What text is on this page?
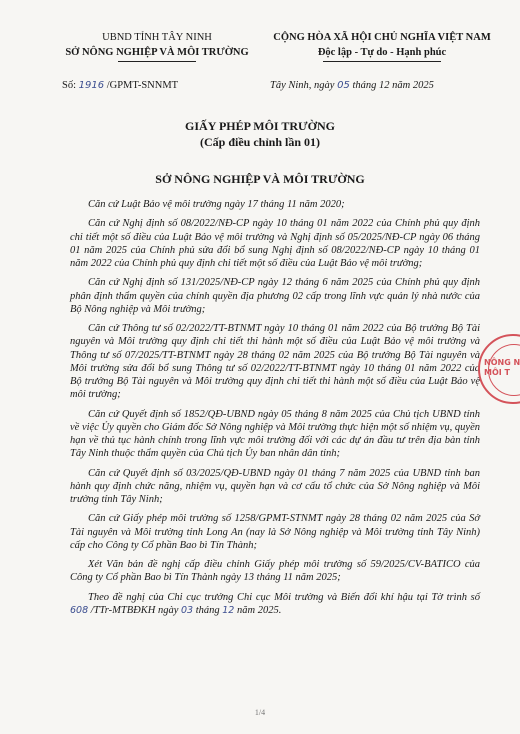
UBND TỈNH TÂY NINH
SỞ NÔNG NGHIỆP VÀ MÔI TRƯỜNG
CỘNG HÒA XÃ HỘI CHỦ NGHĨA VIỆT NAM
Độc lập - Tự do - Hạnh phúc
Số: 1916 /GPMT-SNNMT	Tây Ninh, ngày 05 tháng 12 năm 2025
GIẤY PHÉP MÔI TRƯỜNG
(Cấp điều chỉnh lần 01)
SỞ NÔNG NGHIỆP VÀ MÔI TRƯỜNG

Căn cứ Luật Bảo vệ môi trường ngày 17 tháng 11 năm 2020;

Căn cứ Nghị định số 08/2022/NĐ-CP ngày 10 tháng 01 năm 2022 của Chính phủ quy định chi tiết một số điều của Luật Bảo vệ môi trường và Nghị định số 05/2025/NĐ-CP ngày 06 tháng 01 năm 2025 của Chính phủ sửa đổi bổ sung Nghị định số 08/2022/NĐ-CP ngày 10 tháng 01 năm 2022 của Chính phủ quy định chi tiết một số điều của Luật Bảo vệ môi trường;

Căn cứ Nghị định số 131/2025/NĐ-CP ngày 12 tháng 6 năm 2025 của Chính phủ quy định phân định thẩm quyền của chính quyền địa phương 02 cấp trong lĩnh vực quản lý nhà nước của Bộ Nông nghiệp và Môi trường;

Căn cứ Thông tư số 02/2022/TT-BTNMT ngày 10 tháng 01 năm 2022 của Bộ trưởng Bộ Tài nguyên và Môi trường quy định chi tiết thi hành một số điều của Luật Bảo vệ môi trường và Thông tư số 07/2025/TT-BTNMT ngày 28 tháng 02 năm 2025 của Bộ trưởng Bộ Tài nguyên và Môi trường sửa đổi bổ sung Thông tư số 02/2022/TT-BTNMT ngày 10 tháng 01 năm 2022 của Bộ trưởng Bộ Tài nguyên và Môi trường quy định chi tiết thi hành một số điều của Luật Bảo vệ môi trường;

Căn cứ Quyết định số 1852/QĐ-UBND ngày 05 tháng 8 năm 2025 của Chủ tịch UBND tỉnh về việc Ủy quyền cho Giám đốc Sở Nông nghiệp và Môi trường thực hiện một số nhiệm vụ, quyền hạn về thủ tục hành chính trong lĩnh vực môi trường đối với các dự án đầu tư trên địa bàn tỉnh Tây Ninh thuộc thẩm quyền của Chủ tịch Ủy ban nhân dân tỉnh;

Căn cứ Quyết định số 03/2025/QĐ-UBND ngày 01 tháng 7 năm 2025 của UBND tỉnh ban hành quy định chức năng, nhiệm vụ, quyền hạn và cơ cấu tổ chức của Sở Nông nghiệp và Môi trường tỉnh Tây Ninh;

Căn cứ Giấy phép môi trường số 1258/GPMT-STNMT ngày 28 tháng 02 năm 2025 của Sở Tài nguyên và Môi trường tỉnh Long An (nay là Sở Nông nghiệp và Môi trường tỉnh Tây Ninh) cấp cho Công ty Cổ phần Bao bì Tín Thành;

Xét Văn bản đề nghị cấp điều chỉnh Giấy phép môi trường số 59/2025/CV-BATICO của Công ty Cổ phần Bao bì Tín Thành ngày 13 tháng 11 năm 2025;

Theo đề nghị của Chi cục trưởng Chi cục Môi trường và Biến đổi khí hậu tại Tờ trình số 608 /TTr-MTBĐKH ngày 03 tháng 12 năm 2025.

NÔNG N
MÔI T
1/4
